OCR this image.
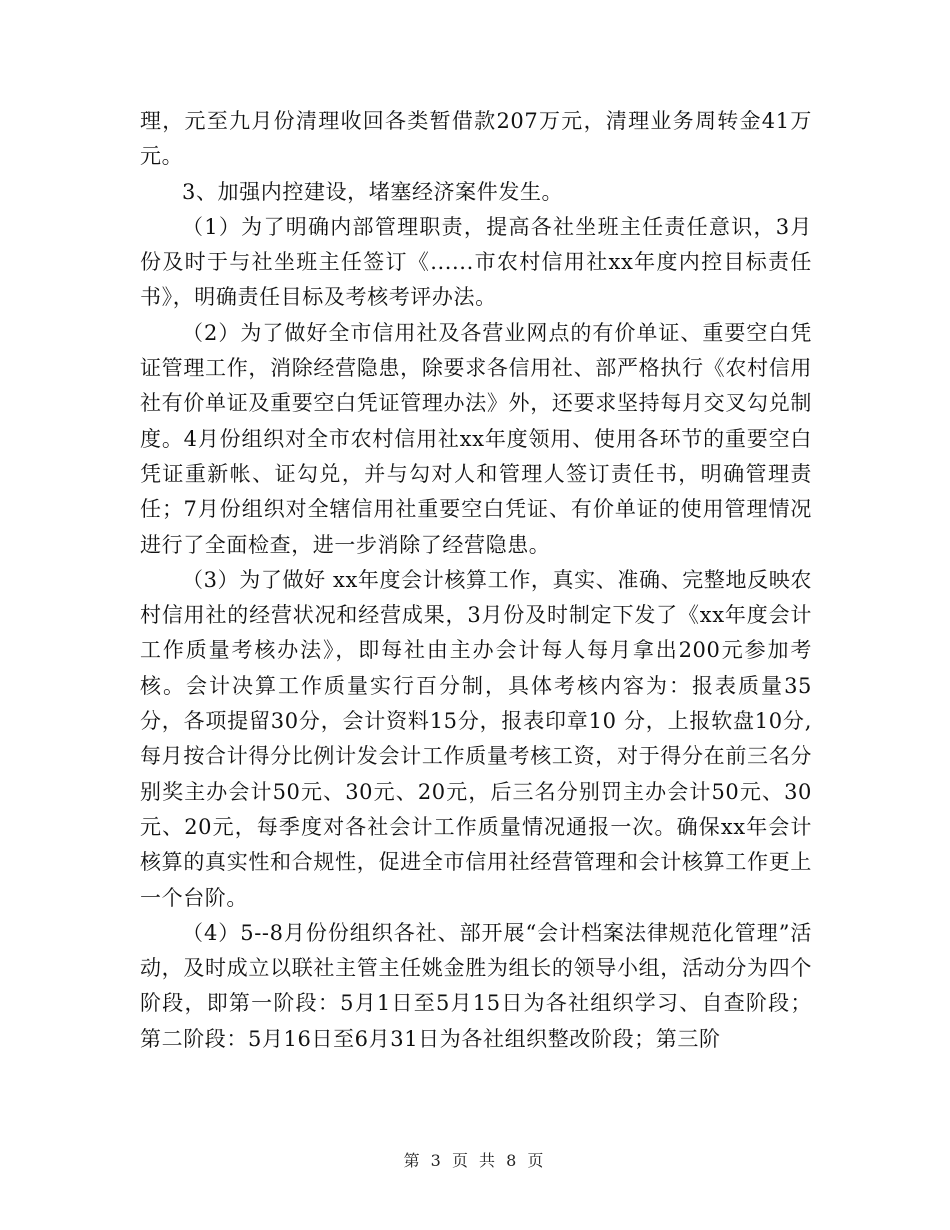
理，元至九月份清理收回各类暂借款207万元，清理业务周转金41万元。

3、加强内控建设，堵塞经济案件发生。

（1）为了明确内部管理职责，提高各社坐班主任责任意识，3月份及时于与社坐班主任签订《......市农村信用社xx年度内控目标责任书》，明确责任目标及考核考评办法。

（2）为了做好全市信用社及各营业网点的有价单证、重要空白凭证管理工作，消除经营隐患，除要求各信用社、部严格执行《农村信用社有价单证及重要空白凭证管理办法》外，还要求坚持每月交叉勾兑制度。4月份组织对全市农村信用社xx年度领用、使用各环节的重要空白凭证重新帐、证勾兑，并与勾对人和管理人签订责任书，明确管理责任；7月份组织对全辖信用社重要空白凭证、有价单证的使用管理情况进行了全面检查，进一步消除了经营隐患。

（3）为了做好 xx年度会计核算工作，真实、准确、完整地反映农村信用社的经营状况和经营成果，3月份及时制定下发了《xx年度会计工作质量考核办法》，即每社由主办会计每人每月拿出200元参加考核。会计决算工作质量实行百分制，具体考核内容为：报表质量35分，各项提留30分，会计资料15分，报表印章10 分，上报软盘10分,每月按合计得分比例计发会计工作质量考核工资，对于得分在前三名分别奖主办会计50元、30元、20元，后三名分别罚主办会计50元、30元、20元，每季度对各社会计工作质量情况通报一次。确保xx年会计核算的真实性和合规性，促进全市信用社经营管理和会计核算工作更上一个台阶。

（4）5--8月份份组织各社、部开展“会计档案法律规范化管理”活动，及时成立以联社主管主任姚金胜为组长的领导小组，活动分为四个阶段，即第一阶段：5月1日至5月15日为各社组织学习、自查阶段；第二阶段：5月16日至6月31日为各社组织整改阶段；第三阶

第 3 页 共 8 页
